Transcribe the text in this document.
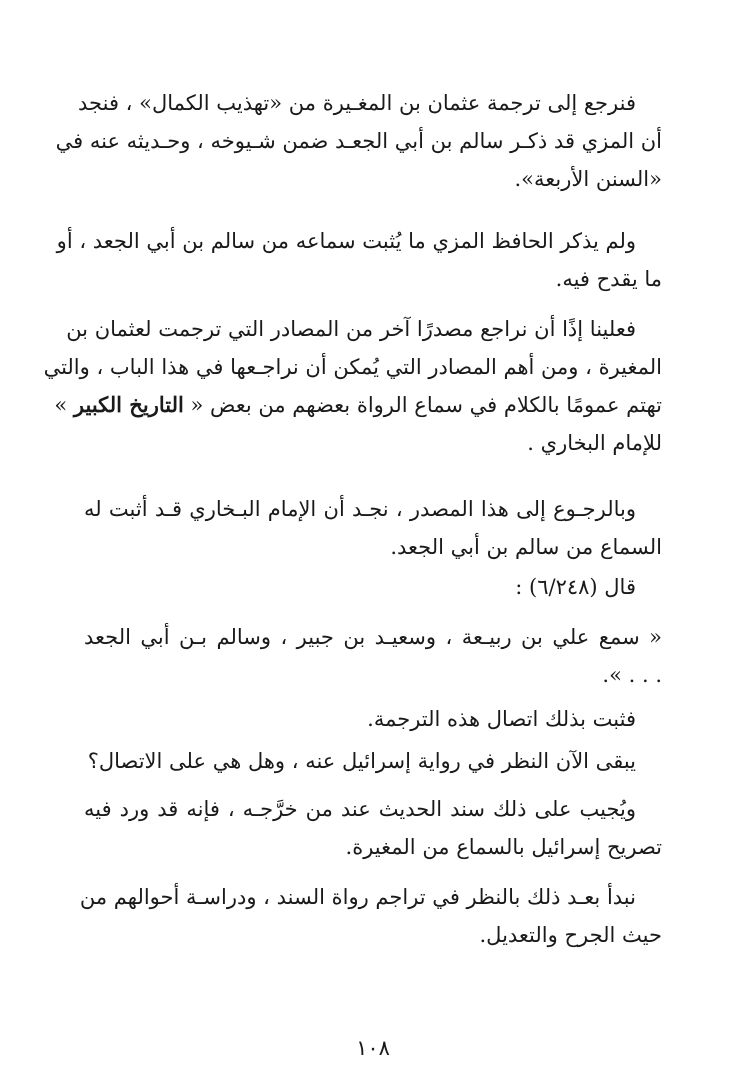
فنرجع إلى ترجمة عثمان بن المغـيرة من «تهذيب الكمال» ، فنجد
أن المزي قد ذكـر سالم بن أبي الجعـد ضمن شـيوخه ، وحـديثه عنه في
«السنن الأربعة».
ولم يذكر الحافظ المزي ما يُثبت سماعه من سالم بن أبي الجعد ، أو
ما يقدح فيه.
فعلينا إذًا أن نراجع مصدرًا آخر من المصادر التي ترجمت لعثمان بن
المغيرة ، ومن أهم المصادر التي يُمكن أن نراجـعها في هذا الباب ، والتي
تهتم عمومًا بالكلام في سماع الرواة بعضهم من بعض « التاريخ الكبير »
للإمام البخاري .
وبالرجـوع إلى هذا المصدر ، نجـد أن الإمام البـخاري قـد أثبت له
السماع من سالم بن أبي الجعد.
قال (٦/٢٤٨) :
« سمع علي بن ربيـعة ، وسعيـد بن جبير ، وسالم بـن أبي الجعد
. . . ».
فثبت بذلك اتصال هذه الترجمة.
يبقى الآن النظر في رواية إسرائيل عنه ، وهل هي على الاتصال؟
ويُجيب على ذلك سند الحديث عند من خرَّجـه ، فإنه قد ورد فيه
تصريح إسرائيل بالسماع من المغيرة.
نبدأ بعـد ذلك بالنظر في تراجم رواة السند ، ودراسـة أحوالهم من
حيث الجرح والتعديل.
١٠٨
